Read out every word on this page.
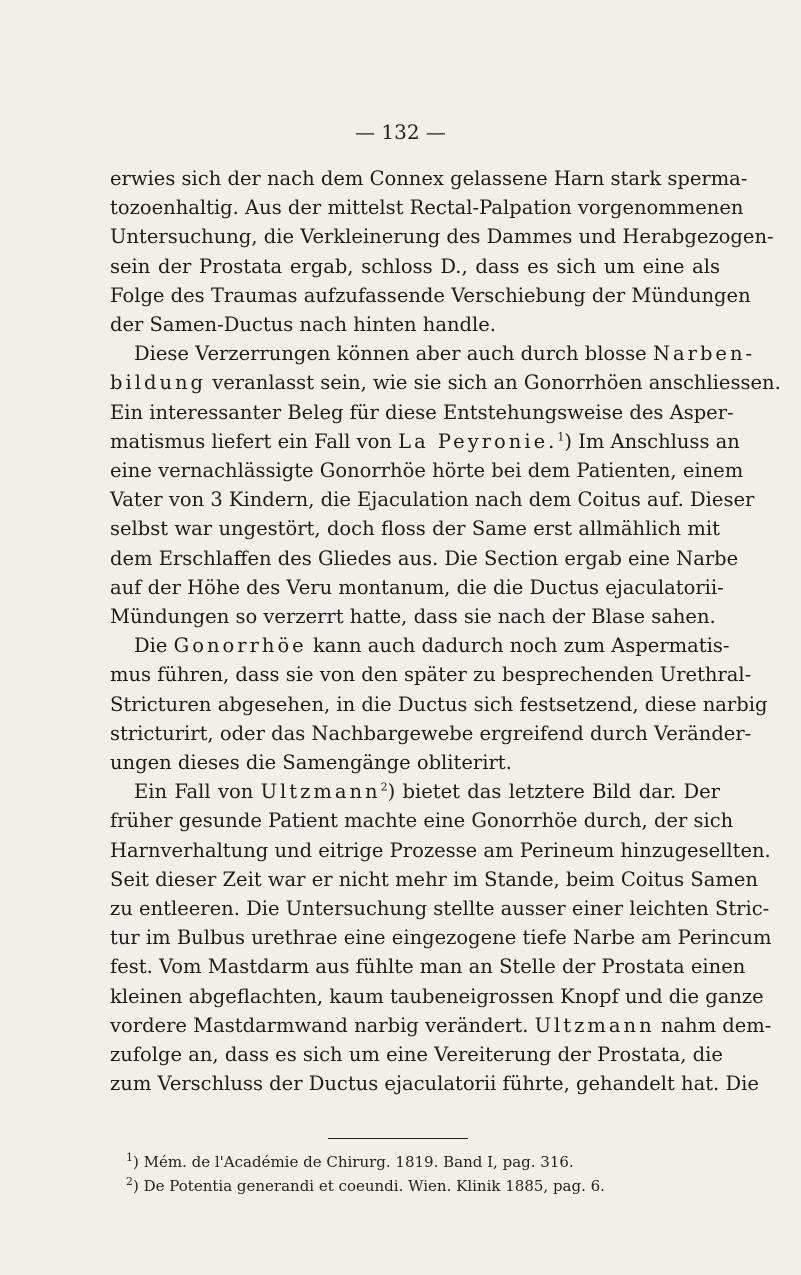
— 132 —

erwies sich der nach dem Connex gelassene Harn stark sperma-

tozoenhaltig. Aus der mittelst Rectal-Palpation vorgenommenen

Untersuchung, die Verkleinerung des Dammes und Herabgezogen-

sein der Prostata ergab, schloss D., dass es sich um eine als

Folge des Traumas aufzufassende Verschiebung der Mündungen

der Samen-Ductus nach hinten handle.

Diese Verzerrungen können aber auch durch blosse Narben-

bildung veranlasst sein, wie sie sich an Gonorrhöen anschliessen.

Ein interessanter Beleg für diese Entstehungsweise des Asper-

matismus liefert ein Fall von La Peyronie.$^1$) Im Anschluss an

eine vernachlässigte Gonorrhöe hörte bei dem Patienten, einem

Vater von 3 Kindern, die Ejaculation nach dem Coitus auf. Dieser

selbst war ungestört, doch floss der Same erst allmählich mit

dem Erschlaffen des Gliedes aus. Die Section ergab eine Narbe

auf der Höhe des Veru montanum, die die Ductus ejaculatorii-

Mündungen so verzerrt hatte, dass sie nach der Blase sahen.

Die Gonorrhöe kann auch dadurch noch zum Aspermatis-

mus führen, dass sie von den später zu besprechenden Urethral-

Stricturen abgesehen, in die Ductus sich festsetzend, diese narbig

stricturirt, oder das Nachbargewebe ergreifend durch Veränder-

ungen dieses die Samengänge obliterirt.

Ein Fall von Ultzmann$^2$) bietet das letztere Bild dar. Der

früher gesunde Patient machte eine Gonorrhöe durch, der sich

Harnverhaltung und eitrige Prozesse am Perineum hinzugesellten.

Seit dieser Zeit war er nicht mehr im Stande, beim Coitus Samen

zu entleeren. Die Untersuchung stellte ausser einer leichten Stric-

tur im Bulbus urethrae eine eingezogene tiefe Narbe am Perincum

fest. Vom Mastdarm aus fühlte man an Stelle der Prostata einen

kleinen abgeflachten, kaum taubeneigrossen Knopf und die ganze

vordere Mastdarmwand narbig verändert. Ultzmann nahm dem-

zufolge an, dass es sich um eine Vereiterung der Prostata, die

zum Verschluss der Ductus ejaculatorii führte, gehandelt hat. Die

$^1$) Mém. de l'Académie de Chirurg. 1819. Band I, pag. 316.

$^2$) De Potentia generandi et coeundi. Wien. Klinik 1885, pag. 6.
